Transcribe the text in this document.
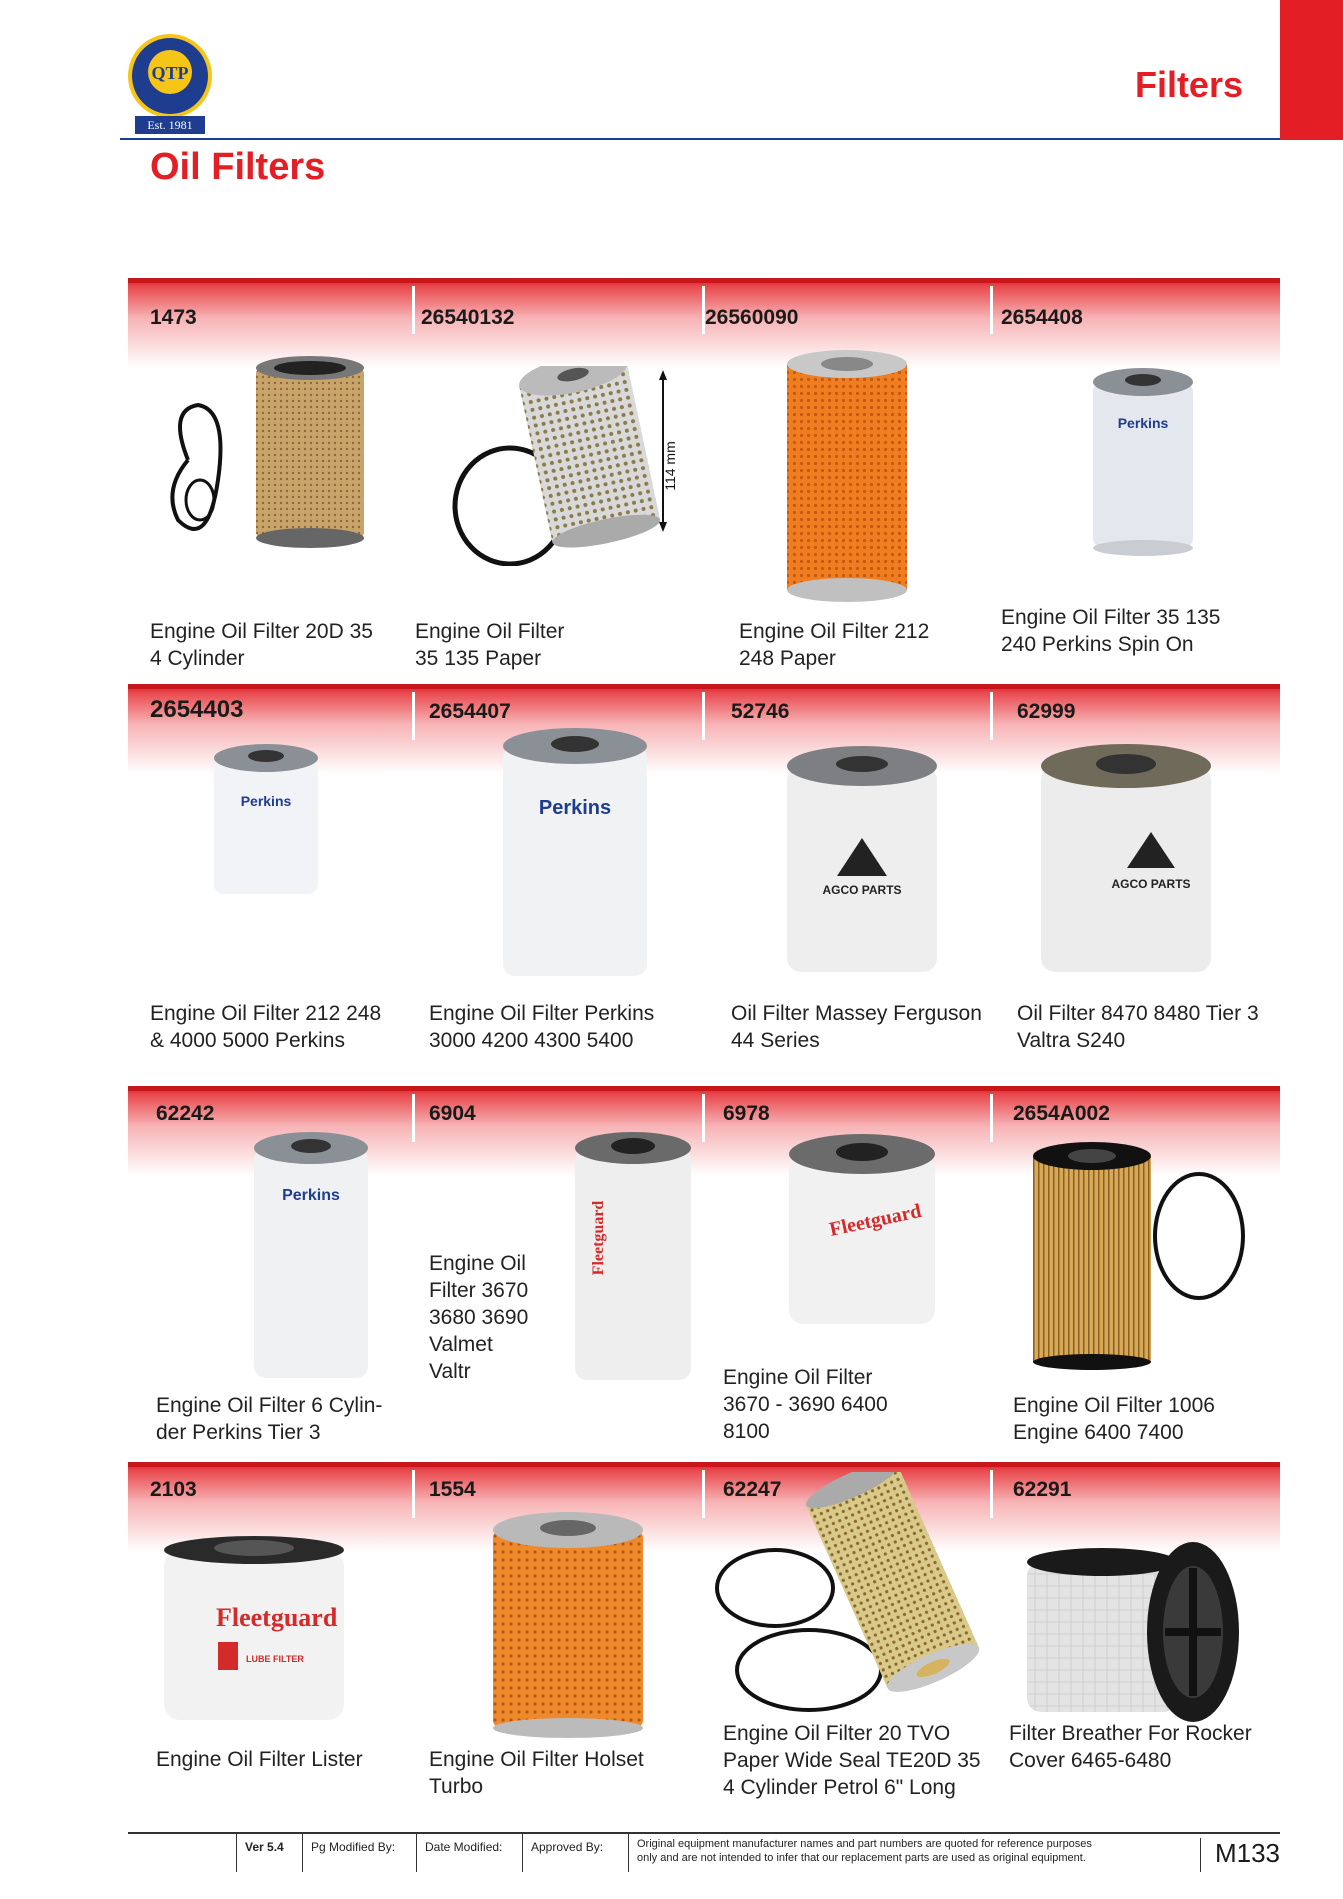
QTP
Est. 1981
Filters
Oil Filters
1473
Engine Oil Filter 20D 35
4 Cylinder
26540132
114 mm
Engine Oil Filter
35 135 Paper
26560090
Engine Oil Filter 212
248 Paper
2654408
Perkins
Engine Oil Filter 35 135
240 Perkins Spin On
2654403
Perkins
Engine Oil Filter 212 248
& 4000 5000 Perkins
2654407
Perkins
Engine Oil Filter Perkins
3000 4200 4300 5400
52746
AGCO PARTS
Oil Filter Massey Ferguson
44 Series
62999
AGCO PARTS
Oil Filter 8470 8480 Tier 3
Valtra S240
62242
Perkins
Engine Oil Filter 6 Cylin-
der Perkins Tier 3
6904
Engine Oil
Filter 3670
3680 3690
Valmet
Valtr
Fleetguard
6978
Fleetguard
Engine Oil Filter
3670 - 3690 6400
8100
2654A002
Engine Oil Filter 1006
Engine 6400 7400
2103
Fleetguard
LUBE FILTER
Engine Oil Filter Lister
1554
Engine Oil Filter Holset
Turbo
62247
Engine Oil Filter 20 TVO
Paper Wide Seal TE20D 35
4 Cylinder Petrol 6" Long
62291
Filter Breather For Rocker
Cover 6465-6480
Ver 5.4	Pg Modified By:	Date Modified:	Approved By:	Original equipment manufacturer names and part numbers are quoted for reference purposes
only and are not intended to infer that our replacement parts are used as original equipment.	M133
